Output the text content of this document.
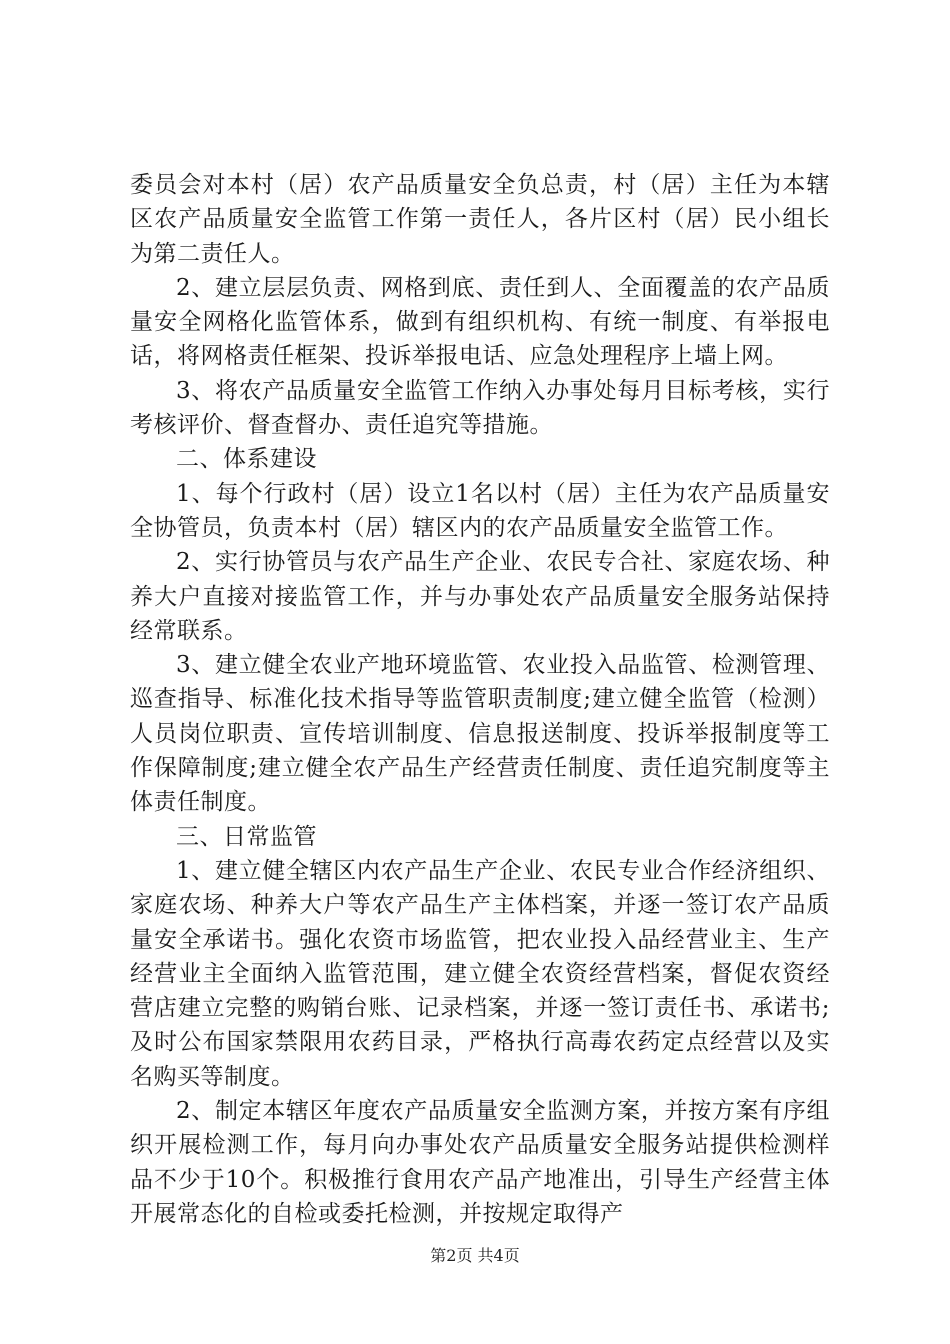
委员会对本村（居）农产品质量安全负总责，村（居）主任为本辖区农产品质量安全监管工作第一责任人，各片区村（居）民小组长为第二责任人。

2、建立层层负责、网格到底、责任到人、全面覆盖的农产品质量安全网格化监管体系，做到有组织机构、有统一制度、有举报电话，将网格责任框架、投诉举报电话、应急处理程序上墙上网。

3、将农产品质量安全监管工作纳入办事处每月目标考核，实行考核评价、督查督办、责任追究等措施。

二、体系建设

1、每个行政村（居）设立1名以村（居）主任为农产品质量安全协管员，负责本村（居）辖区内的农产品质量安全监管工作。

2、实行协管员与农产品生产企业、农民专合社、家庭农场、种养大户直接对接监管工作，并与办事处农产品质量安全服务站保持经常联系。

3、建立健全农业产地环境监管、农业投入品监管、检测管理、巡查指导、标准化技术指导等监管职责制度;建立健全监管（检测）人员岗位职责、宣传培训制度、信息报送制度、投诉举报制度等工作保障制度;建立健全农产品生产经营责任制度、责任追究制度等主体责任制度。

三、日常监管

1、建立健全辖区内农产品生产企业、农民专业合作经济组织、家庭农场、种养大户等农产品生产主体档案，并逐一签订农产品质量安全承诺书。强化农资市场监管，把农业投入品经营业主、生产经营业主全面纳入监管范围，建立健全农资经营档案，督促农资经营店建立完整的购销台账、记录档案，并逐一签订责任书、承诺书;及时公布国家禁限用农药目录，严格执行高毒农药定点经营以及实名购买等制度。

2、制定本辖区年度农产品质量安全监测方案，并按方案有序组织开展检测工作，每月向办事处农产品质量安全服务站提供检测样品不少于10个。积极推行食用农产品产地准出，引导生产经营主体开展常态化的自检或委托检测，并按规定取得产

第2页 共4页
